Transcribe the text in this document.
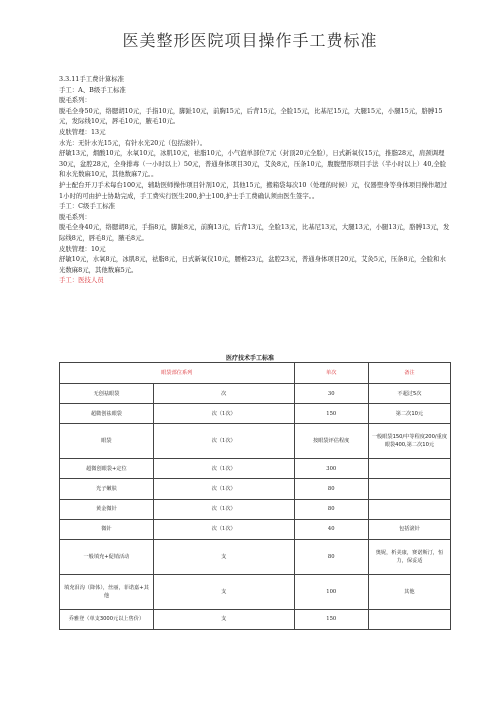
医美整形医院项目操作手工费标准

3.3.11手工费计算标准

手工：A、B级手工标准

脱毛系列：

脱毛全身50元，络腮胡10元，手指10元，脚趾10元，前胸15元，后背15元，全脸15元，比基尼15元，大腿15元，小腿15元，胳膊15元，发际线10元，唇毛10元，腋毛10元。

皮肤管理：13元

水光：无针水光15元，有针水光20元（包括滚针）。

舒敏13元，烟酸10元，水氧10元，冰肌10元，祛脂10元，小气泡单部位7元（封顶20元全脸），日式新氧仪15元，推脂28元，肩颈调理30元，盆腔28元，全身排毒（一小时以上）50元，普通身体项目30元，艾灸8元，压条10元，腹腹塑形项目手法（半小时以上）40,全脸和水光数麻10元，其他数麻7元。。

护士配台开刀手术每台100元，辅助医师操作项目针剂10元，其他15元，搬箱袋每次10（处理的时候）元，仪器塑身等身体项目操作超过1小时的可由护士协助完成，手工费实行医生200,护士100,护士手工费确认须由医生签字。。

手工：C级手工标准

脱毛系列：

脱毛全身40元，络腮胡8元，手指8元，脚趾8元，前胸13元，后背13元，全脸13元，比基尼13元，大腿13元，小腿13元，胳膊13元，发际线8元，唇毛8元，腋毛8元。

皮肤管理：10元

舒敏10元，水氧8元，冰肌8元，祛脂8元，日式新氧仪10元，腰椎23元，盆腔23元，普通身体项目20元，艾灸5元，压条8元，全脸和水光数麻8元，其他数麻5元。

手工：医技人员

医疗技术手工标准
眼袋部位系列		单次	备注
无创祛眼袋	次	30	不超过5次
超微创祛眼袋	次（1次）	150	第二次10元
眼袋	次（1次）	按眼袋评估程度	一般眼袋150/中等程度200/重度眼袋400,第二次10元
超微创眼袋+定位	次（1次）	300	
光子嫩肤	次（1次）	80	
黄金微针	次（1次）	80	
微针	次（1次）	40	包括滚针
一般填充+促销活动	支	80	奥妮，析美康，赛诺斯汀，恒力，保妥适
填充泪沟（降体），丝丽，菲诺嘉+其他	支	100	其他
乔雅登（单支3000元以上售价）	支	150	
